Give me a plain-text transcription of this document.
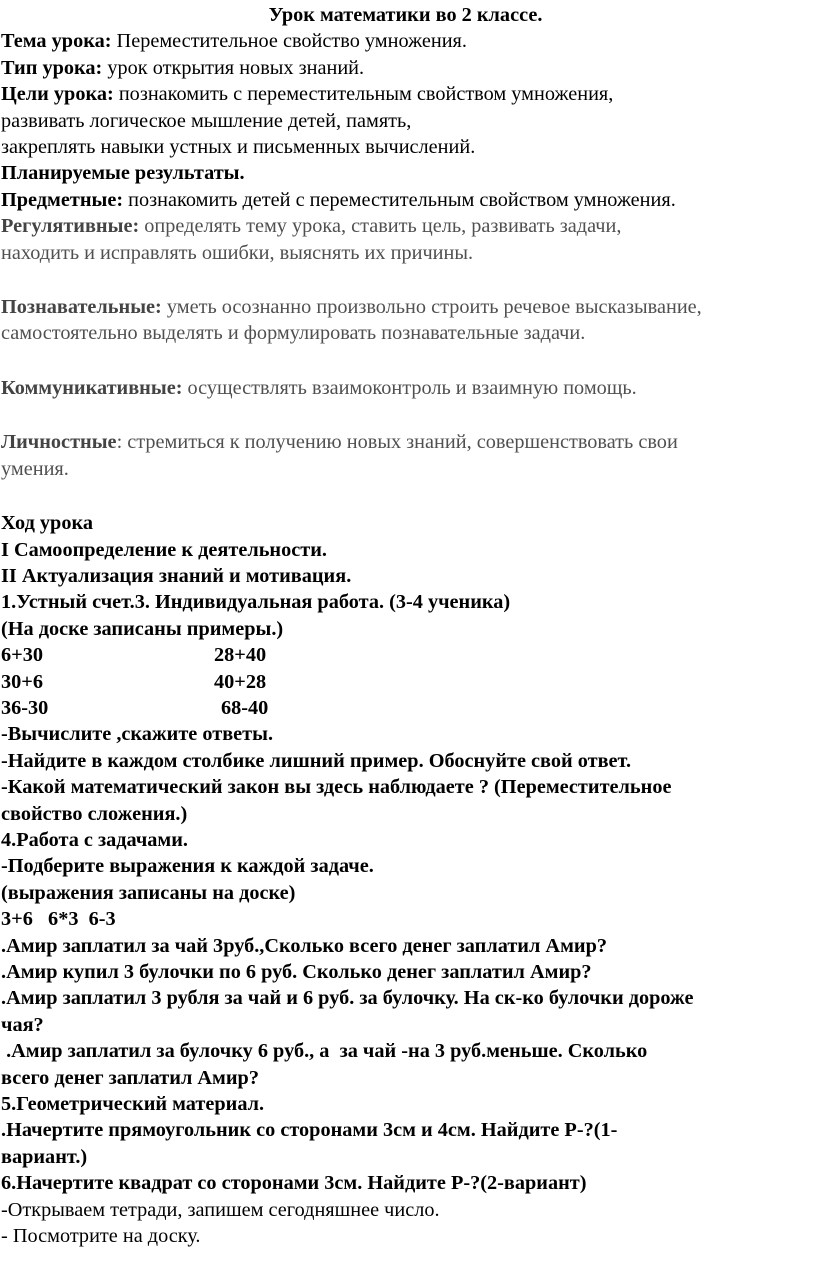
Урок математики во 2 классе.

Тема урока: Переместительное свойство умножения.

Тип урока: урок открытия новых знаний.

Цели урока: познакомить с переместительным свойством умножения,

развивать логическое мышление детей, память,

закреплять навыки устных и письменных вычислений.

Планируемые результаты.

Предметные: познакомить детей с переместительным свойством умножения.

Регулятивные: определять тему урока, ставить цель, развивать задачи,

находить и исправлять ошибки, выяснять их причины.

Познавательные: уметь осознанно произвольно строить речевое высказывание,

самостоятельно выделять и формулировать познавательные задачи.

Коммуникативные: осуществлять взаимоконтроль и взаимную помощь.

Личностные: стремиться к получению новых знаний, совершенствовать свои

умения.

Ход урока

I Самоопределение к деятельности.

II Актуализация знаний и мотивация.

1.Устный счет.3. Индивидуальная работа. (3-4 ученика)

(На доске записаны примеры.)

6+30	28+40
30+6	40+28
36-30	68-40

-Вычислите ,скажите ответы.

-Найдите в каждом столбике лишний пример. Обоснуйте свой ответ.

-Какой математический закон вы здесь наблюдаете ? (Переместительное

свойство сложения.)

4.Работа с задачами.

-Подберите выражения к каждой задаче.

(выражения записаны на доске)

3+6   6*3  6-3

.Амир заплатил за чай 3руб.,Сколько всего денег заплатил Амир?

.Амир купил 3 булочки по 6 руб. Сколько денег заплатил Амир?

.Амир заплатил 3 рубля за чай и 6 руб. за булочку. На ск-ко булочки дороже

чая?

.Амир заплатил за булочку 6 руб., а  за чай -на 3 руб.меньше. Сколько

всего денег заплатил Амир?

5.Геометрический материал.

.Начертите прямоугольник со сторонами 3см и 4см. Найдите Р-?(1-

вариант.)

6.Начертите квадрат со сторонами 3см. Найдите Р-?(2-вариант)

-Открываем тетради, запишем сегодняшнее число.

- Посмотрите на доску.
